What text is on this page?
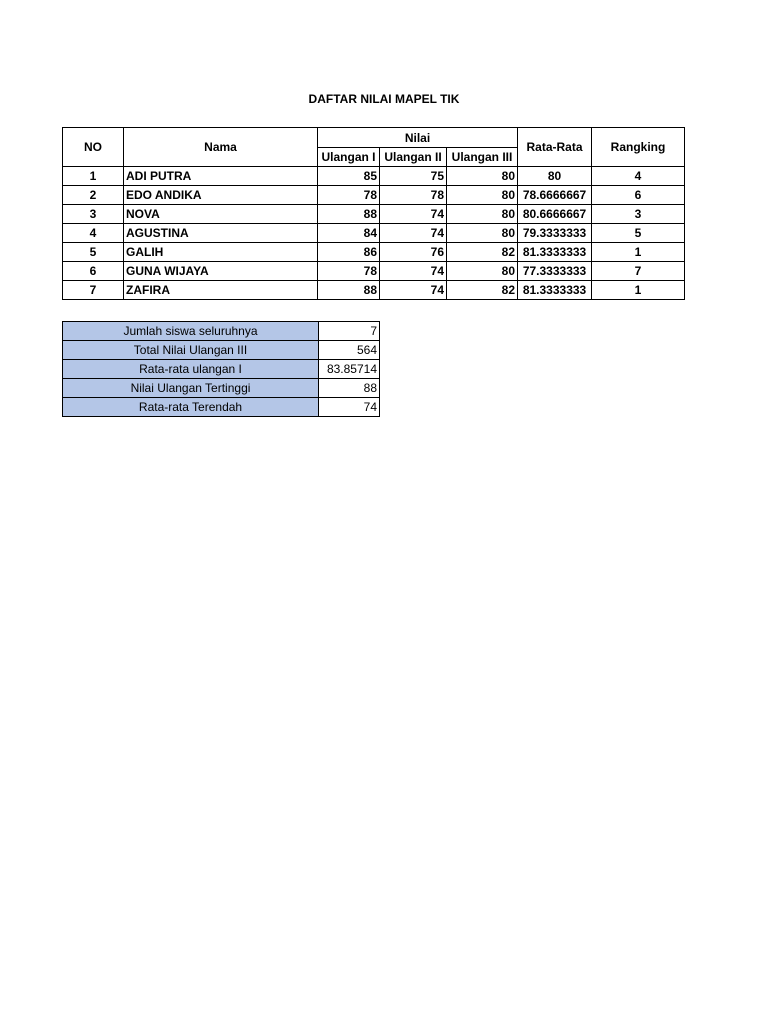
DAFTAR NILAI MAPEL TIK
NO	Nama	Nilai			Rata-Rata	Rangking
		Ulangan I	Ulangan II	Ulangan III		
1	ADI PUTRA	85	75	80	80	4
2	EDO ANDIKA	78	78	80	78.6666667	6
3	NOVA	88	74	80	80.6666667	3
4	AGUSTINA	84	74	80	79.3333333	5
5	GALIH	86	76	82	81.3333333	1
6	GUNA WIJAYA	78	74	80	77.3333333	7
7	ZAFIRA	88	74	82	81.3333333	1
Jumlah siswa seluruhnya	7
Total Nilai Ulangan III	564
Rata-rata ulangan I	83.85714
Nilai Ulangan Tertinggi	88
Rata-rata Terendah	74
